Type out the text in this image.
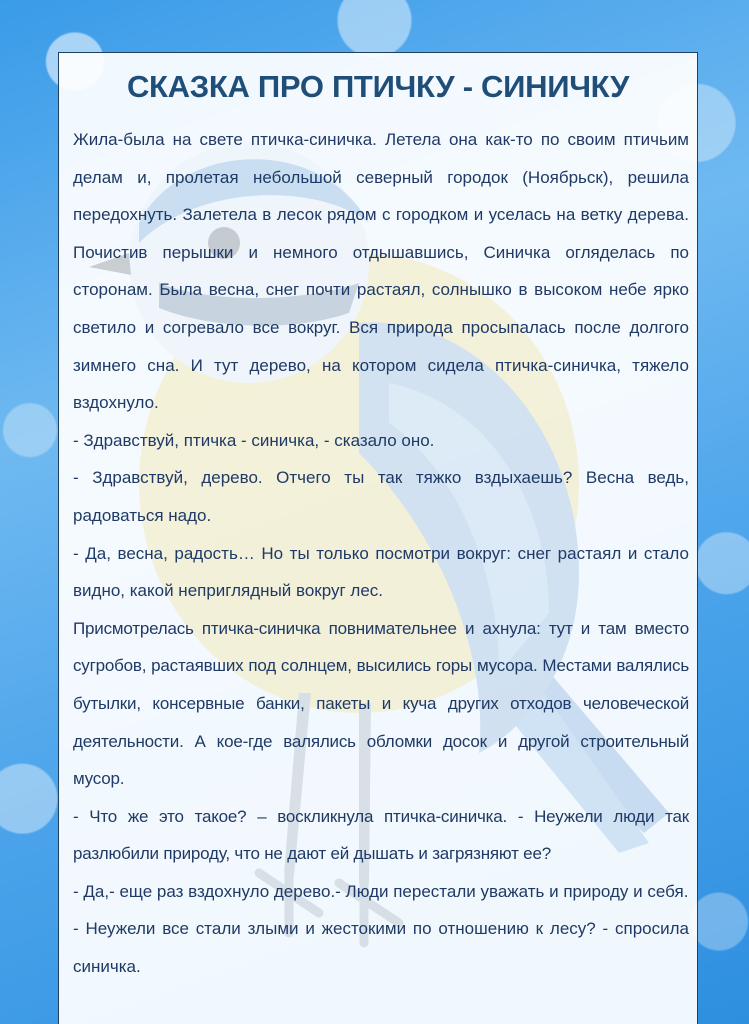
СКАЗКА ПРО ПТИЧКУ - СИНИЧКУ

Жила-была на свете птичка-синичка. Летела она как-то по своим птичьим делам и, пролетая небольшой северный городок (Ноябрьск), решила передохнуть. Залетела в лесок рядом с городком и уселась на ветку дерева. Почистив перышки и немного отдышавшись, Синичка огляделась по сторонам. Была весна, снег почти растаял, солнышко в высоком небе ярко светило и согревало все вокруг. Вся природа просыпалась после долгого зимнего сна. И тут дерево, на котором сидела птичка-синичка, тяжело вздохнуло.

- Здравствуй, птичка - синичка, - сказало оно.

- Здравствуй, дерево. Отчего ты так тяжко вздыхаешь? Весна ведь, радоваться надо.

- Да, весна, радость… Но ты только посмотри вокруг: снег растаял и стало видно, какой неприглядный вокруг лес.

Присмотрелась птичка-синичка повнимательнее и ахнула: тут и там вместо сугробов, растаявших под солнцем, высились горы мусора. Местами валялись бутылки, консервные банки, пакеты и куча других отходов человеческой деятельности. А кое-где валялись обломки досок и другой строительный мусор.

- Что же это такое? – воскликнула птичка-синичка. - Неужели люди так разлюбили природу, что не дают ей дышать и загрязняют ее?

- Да,- еще раз вздохнуло дерево.- Люди перестали уважать и природу и себя.

- Неужели все стали злыми и жестокими по отношению к лесу? - спросила синичка.
